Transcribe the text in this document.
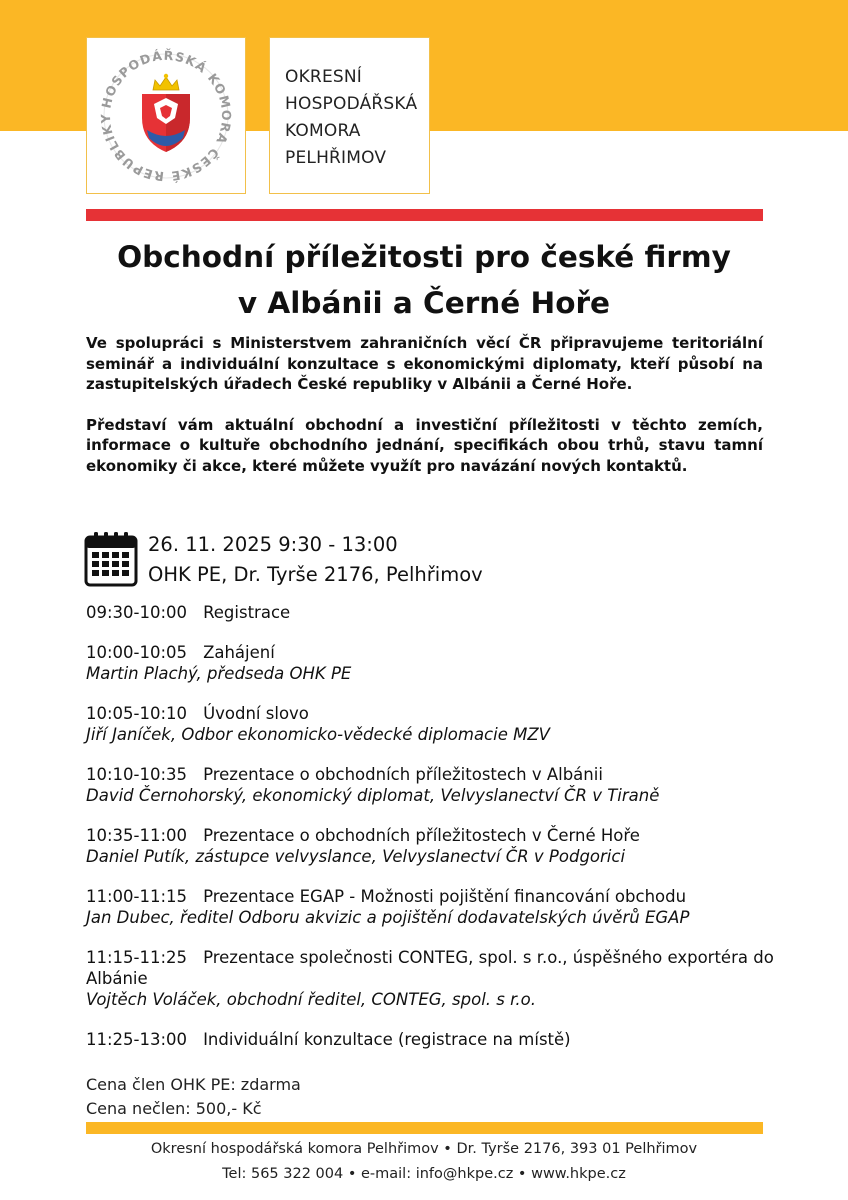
HOSPODÁŘSKÁ KOMORA ČESKÉ REPUBLIKY
OKRESNÍ
HOSPODÁŘSKÁ
KOMORA
PELHŘIMOV
Obchodní příležitosti pro české firmy
v Albánii a Černé Hoře

Ve spolupráci s Ministerstvem zahraničních věcí ČR připravujeme teritoriální seminář a individuální konzultace s ekonomickými diplomaty, kteří působí na zastupitelských úřadech České republiky v Albánii a Černé Hoře.

Představí vám aktuální obchodní a investiční příležitosti v těchto zemích, informace o kultuře obchodního jednání, specifikách obou trhů, stavu tamní ekonomiky či akce, které můžete využít pro navázání nových kontaktů.

26. 11. 2025 9:30 - 13:00
OHK PE, Dr. Tyrše 2176, Pelhřimov
09:30-10:00 Registrace
10:00-10:05 Zahájení
Martin Plachý, předseda OHK PE
10:05-10:10 Úvodní slovo
Jiří Janíček, Odbor ekonomicko-vědecké diplomacie MZV
10:10-10:35 Prezentace o obchodních příležitostech v Albánii
David Černohorský, ekonomický diplomat, Velvyslanectví ČR v Tiraně
10:35-11:00 Prezentace o obchodních příležitostech v Černé Hoře
Daniel Putík, zástupce velvyslance, Velvyslanectví ČR v Podgorici
11:00-11:15 Prezentace EGAP - Možnosti pojištění financování obchodu
Jan Dubec, ředitel Odboru akvizic a pojištění dodavatelských úvěrů EGAP
11:15-11:25 Prezentace společnosti CONTEG, spol. s r.o., úspěšného exportéra do Albánie
Vojtěch Voláček, obchodní ředitel, CONTEG, spol. s r.o.
11:25-13:00 Individuální konzultace (registrace na místě)
Cena člen OHK PE: zdarma
Cena nečlen: 500,- Kč
Okresní hospodářská komora Pelhřimov • Dr. Tyrše 2176, 393 01 Pelhřimov
Tel: 565 322 004 • e-mail: info@hkpe.cz • www.hkpe.cz
